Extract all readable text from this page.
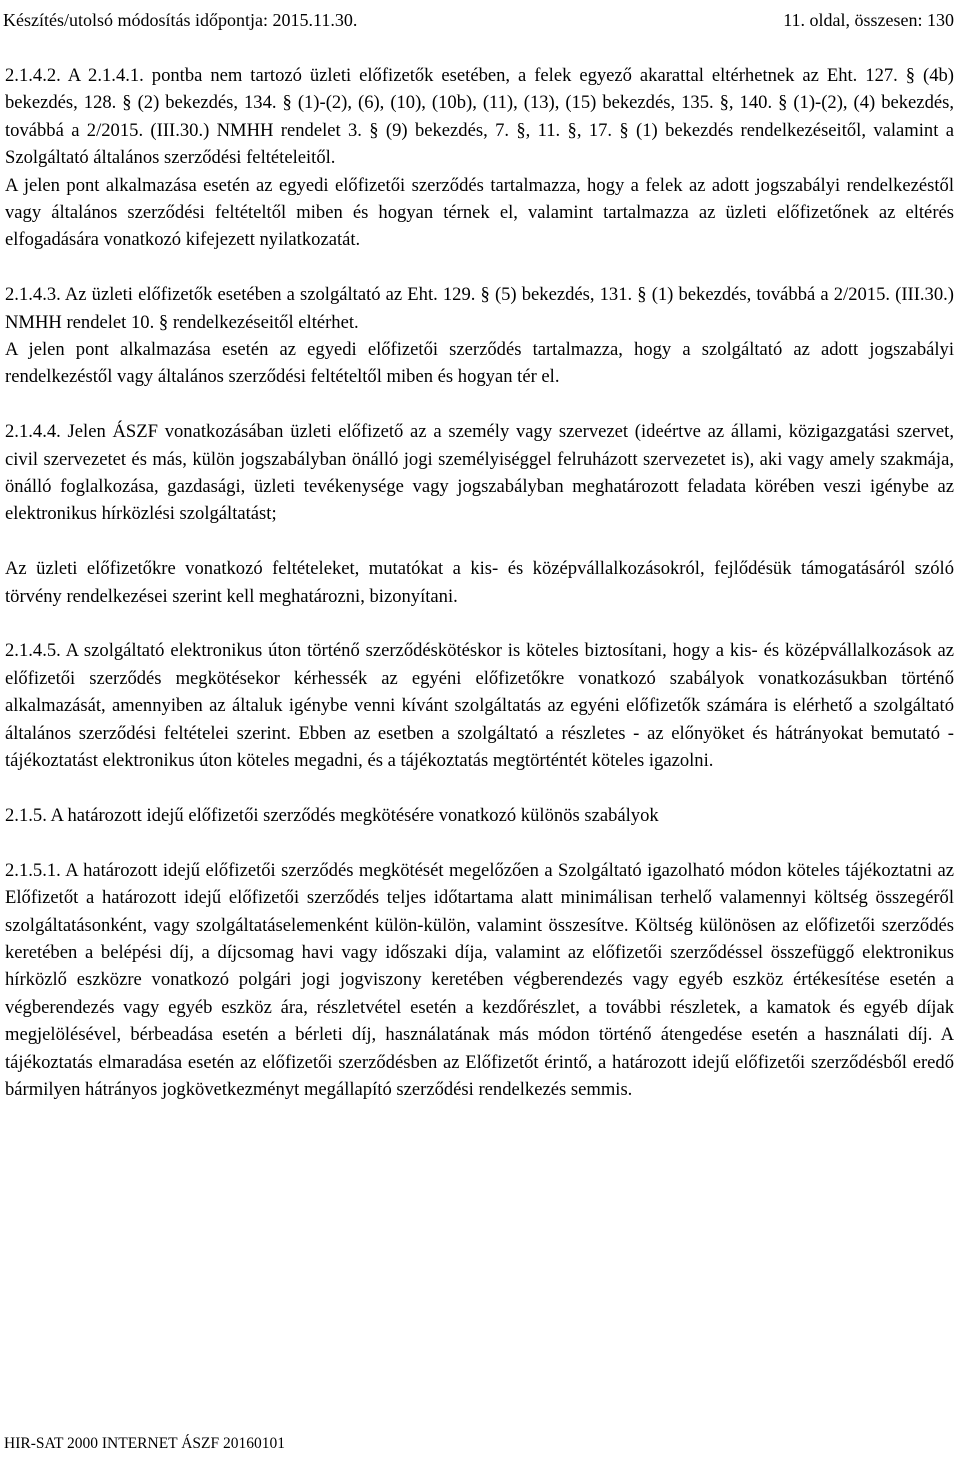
Készítés/utolsó módosítás időpontja: 2015.11.30.	11. oldal, összesen: 130

2.1.4.2. A 2.1.4.1. pontba nem tartozó üzleti előfizetők esetében, a felek egyező akarattal eltérhetnek az Eht. 127. § (4b) bekezdés, 128. § (2) bekezdés, 134. § (1)-(2), (6), (10), (10b), (11), (13), (15) bekezdés, 135. §, 140. § (1)-(2), (4) bekezdés, továbbá a 2/2015. (III.30.) NMHH rendelet 3. § (9) bekezdés, 7. §, 11. §, 17. § (1) bekezdés rendelkezéseitől, valamint a Szolgáltató általános szerződési feltételeitől.

A jelen pont alkalmazása esetén az egyedi előfizetői szerződés tartalmazza, hogy a felek az adott jogszabályi rendelkezéstől vagy általános szerződési feltételtől miben és hogyan térnek el, valamint tartalmazza az üzleti előfizetőnek az eltérés elfogadására vonatkozó kifejezett nyilatkozatát.

2.1.4.3. Az üzleti előfizetők esetében a szolgáltató az Eht. 129. § (5) bekezdés, 131. § (1) bekezdés, továbbá a 2/2015. (III.30.) NMHH rendelet 10. § rendelkezéseitől eltérhet.

A jelen pont alkalmazása esetén az egyedi előfizetői szerződés tartalmazza, hogy a szolgáltató az adott jogszabályi rendelkezéstől vagy általános szerződési feltételtől miben és hogyan tér el.

2.1.4.4. Jelen ÁSZF vonatkozásában üzleti előfizető az a személy vagy szervezet (ideértve az állami, közigazgatási szervet, civil szervezetet és más, külön jogszabályban önálló jogi személyiséggel felruházott szervezetet is), aki vagy amely szakmája, önálló foglalkozása, gazdasági, üzleti tevékenysége vagy jogszabályban meghatározott feladata körében veszi igénybe az elektronikus hírközlési szolgáltatást;

Az üzleti előfizetőkre vonatkozó feltételeket, mutatókat a kis- és középvállalkozásokról, fejlődésük támogatásáról szóló törvény rendelkezései szerint kell meghatározni, bizonyítani.

2.1.4.5. A szolgáltató elektronikus úton történő szerződéskötéskor is köteles biztosítani, hogy a kis- és középvállalkozások az előfizetői szerződés megkötésekor kérhessék az egyéni előfizetőkre vonatkozó szabályok vonatkozásukban történő alkalmazását, amennyiben az általuk igénybe venni kívánt szolgáltatás az egyéni előfizetők számára is elérhető a szolgáltató általános szerződési feltételei szerint. Ebben az esetben a szolgáltató a részletes - az előnyöket és hátrányokat bemutató - tájékoztatást elektronikus úton köteles megadni, és a tájékoztatás megtörténtét köteles igazolni.

2.1.5. A határozott idejű előfizetői szerződés megkötésére vonatkozó különös szabályok

2.1.5.1. A határozott idejű előfizetői szerződés megkötését megelőzően a Szolgáltató igazolható módon köteles tájékoztatni az Előfizetőt a határozott idejű előfizetői szerződés teljes időtartama alatt minimálisan terhelő valamennyi költség összegéről szolgáltatásonként, vagy szolgáltatáselemenként külön-külön, valamint összesítve. Költség különösen az előfizetői szerződés keretében a belépési díj, a díjcsomag havi vagy időszaki díja, valamint az előfizetői szerződéssel összefüggő elektronikus hírközlő eszközre vonatkozó polgári jogi jogviszony keretében végberendezés vagy egyéb eszköz értékesítése esetén a végberendezés vagy egyéb eszköz ára, részletvétel esetén a kezdőrészlet, a további részletek, a kamatok és egyéb díjak megjelölésével, bérbeadása esetén a bérleti díj, használatának más módon történő átengedése esetén a használati díj. A tájékoztatás elmaradása esetén az előfizetői szerződésben az Előfizetőt érintő, a határozott idejű előfizetői szerződésből eredő bármilyen hátrányos jogkövetkezményt megállapító szerződési rendelkezés semmis.

HIR-SAT 2000 INTERNET ÁSZF 20160101
